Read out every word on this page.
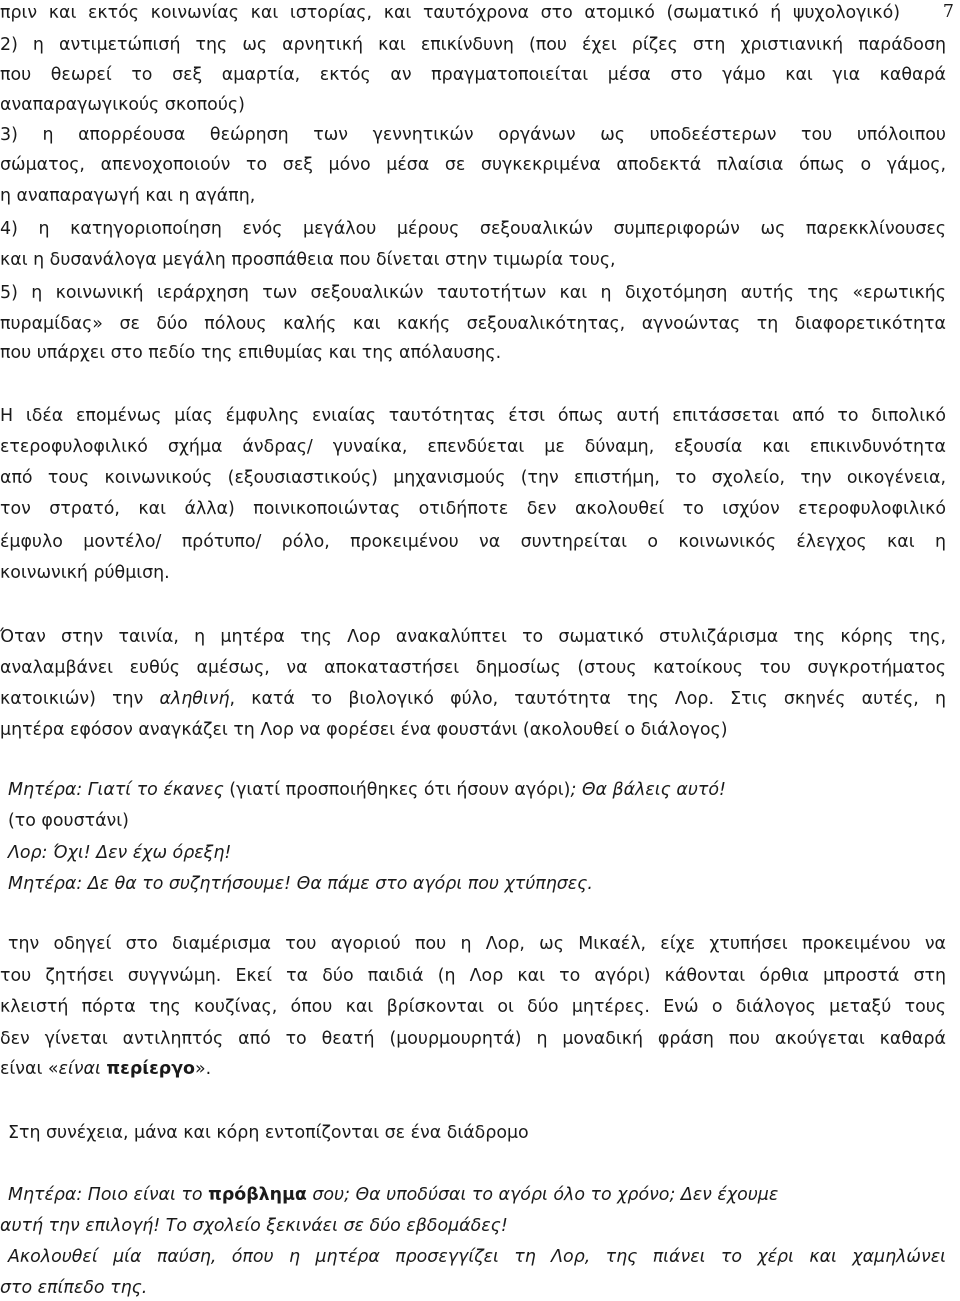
7
πριν και εκτός κοινωνίας και ιστορίας, και ταυτόχρονα στο ατομικό (σωματικό ή ψυχολογικό)
2) η αντιμετώπισή της ως αρνητική και επικίνδυνη (που έχει ρίζες στη χριστιανική παράδοση
που θεωρεί το σεξ αμαρτία, εκτός αν πραγματοποιείται μέσα στο γάμο και για καθαρά
αναπαραγωγικούς σκοπούς)
3) η απορρέουσα θεώρηση των γεννητικών οργάνων ως υποδεέστερων του υπόλοιπου
σώματος, απενοχοποιούν το σεξ μόνο μέσα σε συγκεκριμένα αποδεκτά πλαίσια όπως ο γάμος,
η αναπαραγωγή και η αγάπη,
4) η κατηγοριοποίηση ενός μεγάλου μέρους σεξουαλικών συμπεριφορών ως παρεκκλίνουσες
και η δυσανάλογα μεγάλη προσπάθεια που δίνεται στην τιμωρία τους,
5) η κοινωνική ιεράρχηση των σεξουαλικών ταυτοτήτων και η διχοτόμηση αυτής της «ερωτικής
πυραμίδας» σε δύο πόλους καλής και κακής σεξουαλικότητας, αγνοώντας τη διαφορετικότητα
που υπάρχει στο πεδίο της επιθυμίας και της απόλαυσης.
Η ιδέα επομένως μίας έμφυλης ενιαίας ταυτότητας έτσι όπως αυτή επιτάσσεται από το διπολικό
ετεροφυλοφιλικό σχήμα άνδρας/ γυναίκα, επενδύεται με δύναμη, εξουσία και επικινδυνότητα
από τους κοινωνικούς (εξουσιαστικούς) μηχανισμούς (την επιστήμη, το σχολείο, την οικογένεια,
τον στρατό, και άλλα) ποινικοποιώντας οτιδήποτε δεν ακολουθεί το ισχύον ετεροφυλοφιλικό
έμφυλο μοντέλο/ πρότυπο/ ρόλο, προκειμένου να συντηρείται ο κοινωνικός έλεγχος και η
κοινωνική ρύθμιση.
Όταν στην ταινία, η μητέρα της Λορ ανακαλύπτει το σωματικό στυλιζάρισμα της κόρης της,
αναλαμβάνει ευθύς αμέσως, να αποκαταστήσει δημοσίως (στους κατοίκους του συγκροτήματος
κατοικιών) την αληθινή, κατά το βιολογικό φύλο, ταυτότητα της Λορ. Στις σκηνές αυτές, η
μητέρα εφόσον αναγκάζει τη Λορ να φορέσει ένα φουστάνι (ακολουθεί ο διάλογος)
Μητέρα: Γιατί το έκανες (γιατί προσποιήθηκες ότι ήσουν αγόρι); Θα βάλεις αυτό!
(το φουστάνι)
Λορ: Όχι! Δεν έχω όρεξη!
Μητέρα: Δε θα το συζητήσουμε! Θα πάμε στο αγόρι που χτύπησες.
την οδηγεί στο διαμέρισμα του αγοριού που η Λορ, ως Μικαέλ, είχε χτυπήσει προκειμένου να
του ζητήσει συγγνώμη. Εκεί τα δύο παιδιά (η Λορ και το αγόρι) κάθονται όρθια μπροστά στη
κλειστή πόρτα της κουζίνας, όπου και βρίσκονται οι δύο μητέρες. Ενώ ο διάλογος μεταξύ τους
δεν γίνεται αντιληπτός από το θεατή (μουρμουρητά) η μοναδική φράση που ακούγεται καθαρά
είναι «είναι περίεργο».
Στη συνέχεια, μάνα και κόρη εντοπίζονται σε ένα διάδρομο
Μητέρα: Ποιο είναι το πρόβλημα σου; Θα υποδύσαι το αγόρι όλο το χρόνο; Δεν έχουμε
αυτή την επιλογή! Το σχολείο ξεκινάει σε δύο εβδομάδες!
Ακολουθεί μία παύση, όπου η μητέρα προσεγγίζει τη Λορ, της πιάνει το χέρι και χαμηλώνει
στο επίπεδο της.
